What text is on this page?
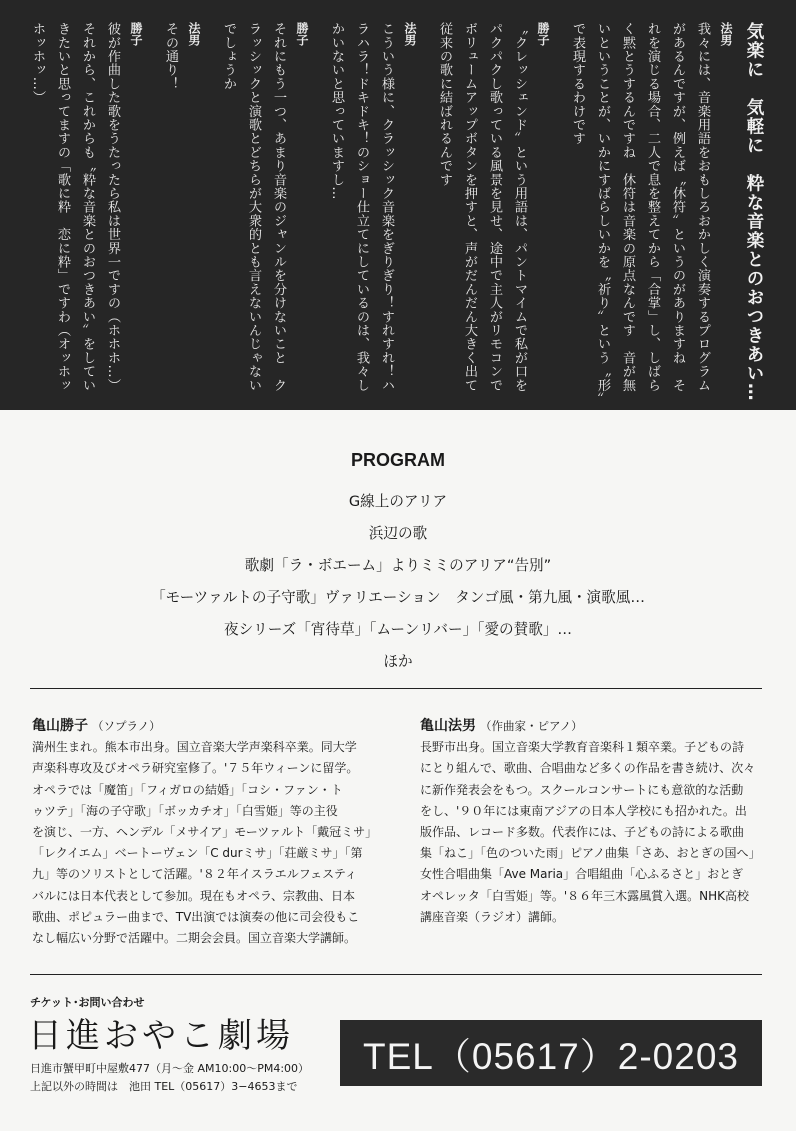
気楽に　気軽に　粋な音楽とのおつきあい…
法男
我々には、音楽用語をおもしろおかしく演奏するプログラムがあるんですが、例えば〝休符〟というのがありますね　それを演じる場合、二人で息を整えてから「合掌」し、しばらく黙とうするんですね　休符は音楽の原点なんです　音が無いということが、いかにすばらしいかを〝祈り〟という〝形〟で表現するわけです
勝子
〝クレッシェンド〟という用語は、パントマイムで私が口をパクパクし歌っている風景を見せ、途中で主人がリモコンでボリュームアップボタンを押すと、声がだんだん大きく出て従来の歌に結ばれるんです
法男
こういう様に、クラッシック音楽をぎりぎり！すれすれ！ハラハラ！ドキドキ！のショー仕立てにしているのは、我々しかいないと思っていますし…
勝子
それにもう一つ、あまり音楽のジャンルを分けないこと　クラッシックと演歌とどちらが大衆的とも言えないんじゃないでしょうか
法男
その通り！
勝子
彼が作曲した歌をうたったら私は世界一ですの（ホホホ…）　それから、これからも〝粋な音楽とのおつきあい〟をしていきたいと思ってますの「歌に粋　恋に粋」ですわ（オッホッホッホッ…）
PROGRAM
G線上のアリア
浜辺の歌
歌劇「ラ・ボエーム」よりミミのアリア“告別”
「モーツァルトの子守歌」ヴァリエーション　タンゴ風・第九風・演歌風…
夜シリーズ「宵待草」「ムーンリバー」「愛の賛歌」…
ほか
亀山勝子 （ソプラノ）
満州生まれ。熊本市出身。国立音楽大学声楽科卒業。同大学
声楽科専攻及びオペラ研究室修了。'７５年ウィーンに留学。
オペラでは「魔笛」「フィガロの結婚」「コシ・ファン・ト
ゥツテ」「海の子守歌」「ボッカチオ」「白雪姫」等の主役
を演じ、一方、ヘンデル「メサイア」モーツァルト「戴冠ミサ」
「レクイエム」ベートーヴェン「C durミサ」「荘厳ミサ」「第
九」等のソリストとして活躍。'８２年イスラエルフェスティ
バルには日本代表として参加。現在もオペラ、宗教曲、日本
歌曲、ポピュラー曲まで、TV出演では演奏の他に司会役もこ
なし幅広い分野で活躍中。二期会会員。国立音楽大学講師。
亀山法男 （作曲家・ピアノ）
長野市出身。国立音楽大学教育音楽科１類卒業。子どもの詩
にとり組んで、歌曲、合唱曲など多くの作品を書き続け、次々
に新作発表会をもつ。スクールコンサートにも意欲的な活動
をし、'９０年には東南アジアの日本人学校にも招かれた。出
版作品、レコード多数。代表作には、子どもの詩による歌曲
集「ねこ」「色のついた雨」ピアノ曲集「さあ、おとぎの国へ」
女性合唱曲集「Ave Maria」合唱組曲「心ふるさと」おとぎ
オペレッタ「白雪姫」等。'８６年三木露風賞入選。NHK高校
講座音楽（ラジオ）講師。
チケット･お問い合わせ
日進おやこ劇場
日進市蟹甲町中屋敷477（月〜金 AM10:00〜PM4:00）
上記以外の時間は　池田 TEL（05617）3−4653まで
TEL（05617）2-0203
